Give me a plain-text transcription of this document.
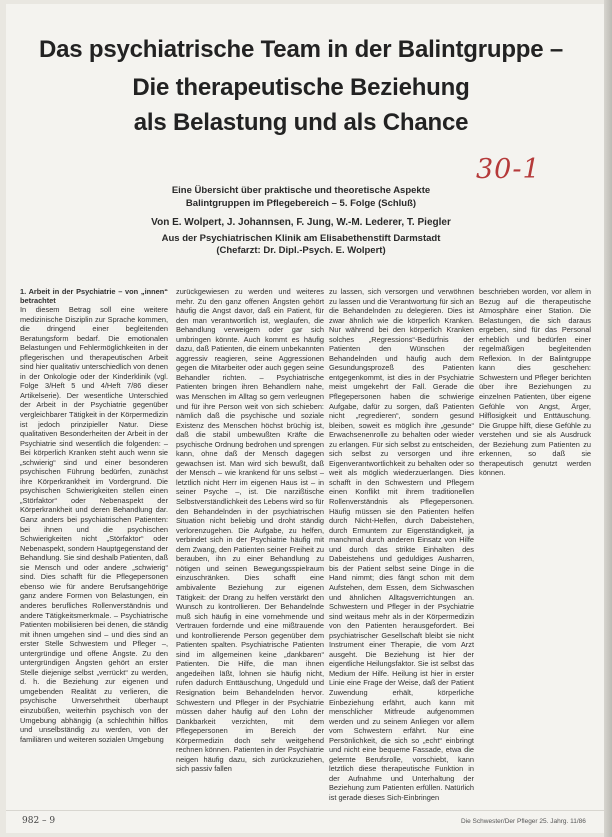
Das psychiatrische Team in der Balintgruppe –
Die therapeutische Beziehung
als Belastung und als Chance
30-1
Eine Übersicht über praktische und theoretische Aspekte
Balintgruppen im Pflegebereich – 5. Folge (Schluß)
Von E. Wolpert, J. Johannsen, F. Jung, W.-M. Lederer, T. Piegler
Aus der Psychiatrischen Klinik am Elisabethenstift Darmstadt
(Chefarzt: Dr. Dipl.-Psych. E. Wolpert)

1. Arbeit in der Psychiatrie – von „innen“ betrachtet

In diesem Betrag soll eine weitere medizinische Disziplin zur Sprache kommen, die dringend einer begleitenden Beratungsform bedarf. Die emotionalen Belastungen und Fehlermöglichkeiten in der pflegerischen und therapeutischen Arbeit sind hier qualitativ unterschiedlich von denen in der Onkologie oder der Kinderklinik (vgl. Folge 3/Heft 5 und 4/Heft 7/86 dieser Artikelserie). Der wesentliche Unterschied der Arbeit in der Psychiatrie gegenüber vergleichbarer Tätigkeit in der Körpermedizin ist jedoch prinzipieller Natur. Diese qualitativen Besonderheiten der Arbeit in der Psychiatrie sind wesentlich die folgenden: – Bei körperlich Kranken steht auch wenn sie „schwierig“ sind und einer besonderen psychischen Führung bedürfen, zunächst ihre Körperkrankheit im Vordergrund. Die psychischen Schwierigkeiten stellen einen „Störfaktor“ oder Nebenaspekt der Körperkrankheit und deren Behandlung dar. Ganz anders bei psychiatrischen Patienten: bei ihnen und die psychischen Schwierigkeiten nicht „Störfaktor“ oder Nebenaspekt, sondern Hauptgegenstand der Behandlung. Sie sind deshalb Patienten, daß sie Mensch und oder andere „schwierig“ sind. Dies schafft für die Pflegepersonen ebenso wie für andere Berufsangehörige ganz andere Formen von Belastungen, ein anderes berufliches Rollenverständnis und andere Tätigkeitsmerkmale. – Psychiatrische Patienten mobilisieren bei denen, die ständig mit ihnen umgehen sind – und dies sind an erster Stelle Schwestern und Pfleger –, untergründige und offene Ängste. Zu den untergründigen Ängsten gehört an erster Stelle diejenige selbst „verrückt“ zu werden, d. h. die Beziehung zur eigenen und umgebenden Realität zu verlieren, die psychische Unversehrtheit überhaupt einzubüßen, weiterhin psychisch von der Umgebung abhängig (a schlechthin hilflos und unselbständig zu werden, von der familiären und weiteren sozialen Umgebung

zurückgewiesen zu werden und weiteres mehr. Zu den ganz offenen Ängsten gehört häufig die Angst davor, daß ein Patient, für den man verantwortlich ist, weglaufen, die Behandlung verweigern oder gar sich umbringen könnte. Auch kommt es häufig dazu, daß Patienten, die einem unbekannten aggressiv reagieren, seine Aggressionen gegen die Mitarbeiter oder auch gegen seine Behandler richten. – Psychiatrische Patienten bringen ihren Behandlern nahe, was Menschen im Alltag so gern verleugnen und für ihre Person weit von sich schieben: nämlich daß die psychische und soziale Existenz des Menschen höchst brüchig ist, daß die stabil umbewußten Kräfte die psychische Ordnung bedrohen und sprengen kann, ohne daß der Mensch dagegen gewachsen ist. Man wird sich bewußt, daß der Mensch – wie krankend für uns selbst – letztlich nicht Herr im eigenen Haus ist – in seiner Psyche –, ist. Die narzißtische Selbstverständlichkeit des Lebens wird so für den Behandelnden in der psychiatrischen Situation nicht beliebig und droht ständig verlorenzugehen. Die Aufgabe, zu helfen, verbindet sich in der Psychiatrie häufig mit dem Zwang, den Patienten seiner Freiheit zu berauben, ihn zu einer Behandlung zu nötigen und seinen Bewegungsspielraum einzuschränken. Dies schafft eine ambivalente Beziehung zur eigenen Tätigkeit: der Drang zu helfen verstärkt den Wunsch zu kontrollieren. Der Behandelnde muß sich häufig in eine vornehmende und Vertrauen fordernde und eine mißtrauende und kontrollierende Person gegenüber dem Patienten spalten. Psychiatrische Patienten sind im allgemeinen keine „dankbaren“ Patienten. Die Hilfe, die man ihnen angedeihen läßt, lohnen sie häufig nicht, rufen dadurch Enttäuschung, Ungeduld und Resignation beim Behandelnden hervor. Schwestern und Pfleger in der Psychiatrie müssen daher häufig auf den Lohn der Dankbarkeit verzichten, mit dem Pflegepersonen im Bereich der Körpermedizin doch sehr weitgehend rechnen können. Patienten in der Psychiatrie neigen häufig dazu, sich zurückzuziehen, sich passiv fallen

zu lassen, sich versorgen und verwöhnen zu lassen und die Verantwortung für sich an die Behandelnden zu delegieren. Dies ist zwar ähnlich wie die körperlich Kranken. Nur während bei den körperlich Kranken solches „Regressions“-Bedürfnis der Patienten den Wünschen der Behandelnden und häufig auch dem Gesundungsprozeß des Patienten entgegenkommt, ist dies in der Psychiatrie meist umgekehrt der Fall. Gerade die Pflegepersonen haben die schwierige Aufgabe, dafür zu sorgen, daß Patienten nicht „regredieren“, sondern gesund bleiben, soweit es möglich ihre „gesunde“ Erwachsenenrolle zu behalten oder wieder zu erlangen. Für sich selbst zu entscheiden, sich selbst zu versorgen und ihre Eigenverantwortlichkeit zu behalten oder so weit als möglich wiederzuerlangen. Dies schafft in den Schwestern und Pflegern einen Konflikt mit ihrem traditionellen Rollenverständnis als Pflegepersonen. Häufig müssen sie den Patienten helfen durch Nicht-Helfen, durch Dabeistehen, durch Ermuntern zur Eigenständigkeit, ja manchmal durch anderen Einsatz von Hilfe und durch das strikte Einhalten des Dabeistehens und geduldiges Ausharren, bis der Patient selbst seine Dinge in die Hand nimmt; dies fängt schon mit dem Aufstehen, dem Essen, dem Sichwaschen und ähnlichen Alltagsverrichtungen an. Schwestern und Pfleger in der Psychiatrie sind weitaus mehr als in der Körpermedizin von den Patienten herausgefordert. Bei psychiatrischer Gesellschaft bleibt sie nicht Instrument einer Therapie, die vom Arzt ausgeht. Die Beziehung ist hier der eigentliche Heilungsfaktor. Sie ist selbst das Medium der Hilfe. Heilung ist hier in erster Linie eine Frage der Weise, daß der Patient Zuwendung erhält, körperliche Einbeziehung erfährt, auch kann mit menschlicher Mitfreude aufgenommen werden und zu seinem Anliegen vor allem vom Schwestern erfährt. Nur eine Persönlichkeit, die sich so „echt“ einbringt und nicht eine bequeme Fassade, etwa die gelernte Berufsrolle, vorschiebt, kann letztlich diese therapeutische Funktion in der Aufnahme und Unterhaltung der Beziehung zum Patienten erfüllen. Natürlich ist gerade dieses Sich-Einbringen

beschrieben worden, vor allem in Bezug auf die therapeutische Atmosphäre einer Station. Die Belastungen, die sich daraus ergeben, sind für das Personal erheblich und bedürfen einer regelmäßigen begleitenden Reflexion. In der Balintgruppe kann dies geschehen: Schwestern und Pfleger berichten über ihre Beziehungen zu einzelnen Patienten, über eigene Gefühle von Angst, Ärger, Hilflosigkeit und Enttäuschung. Die Gruppe hilft, diese Gefühle zu verstehen und sie als Ausdruck der Beziehung zum Patienten zu erkennen, so daß sie therapeutisch genutzt werden können.

982 – 9	Die Schwester/Der Pfleger 25. Jahrg. 11/86
